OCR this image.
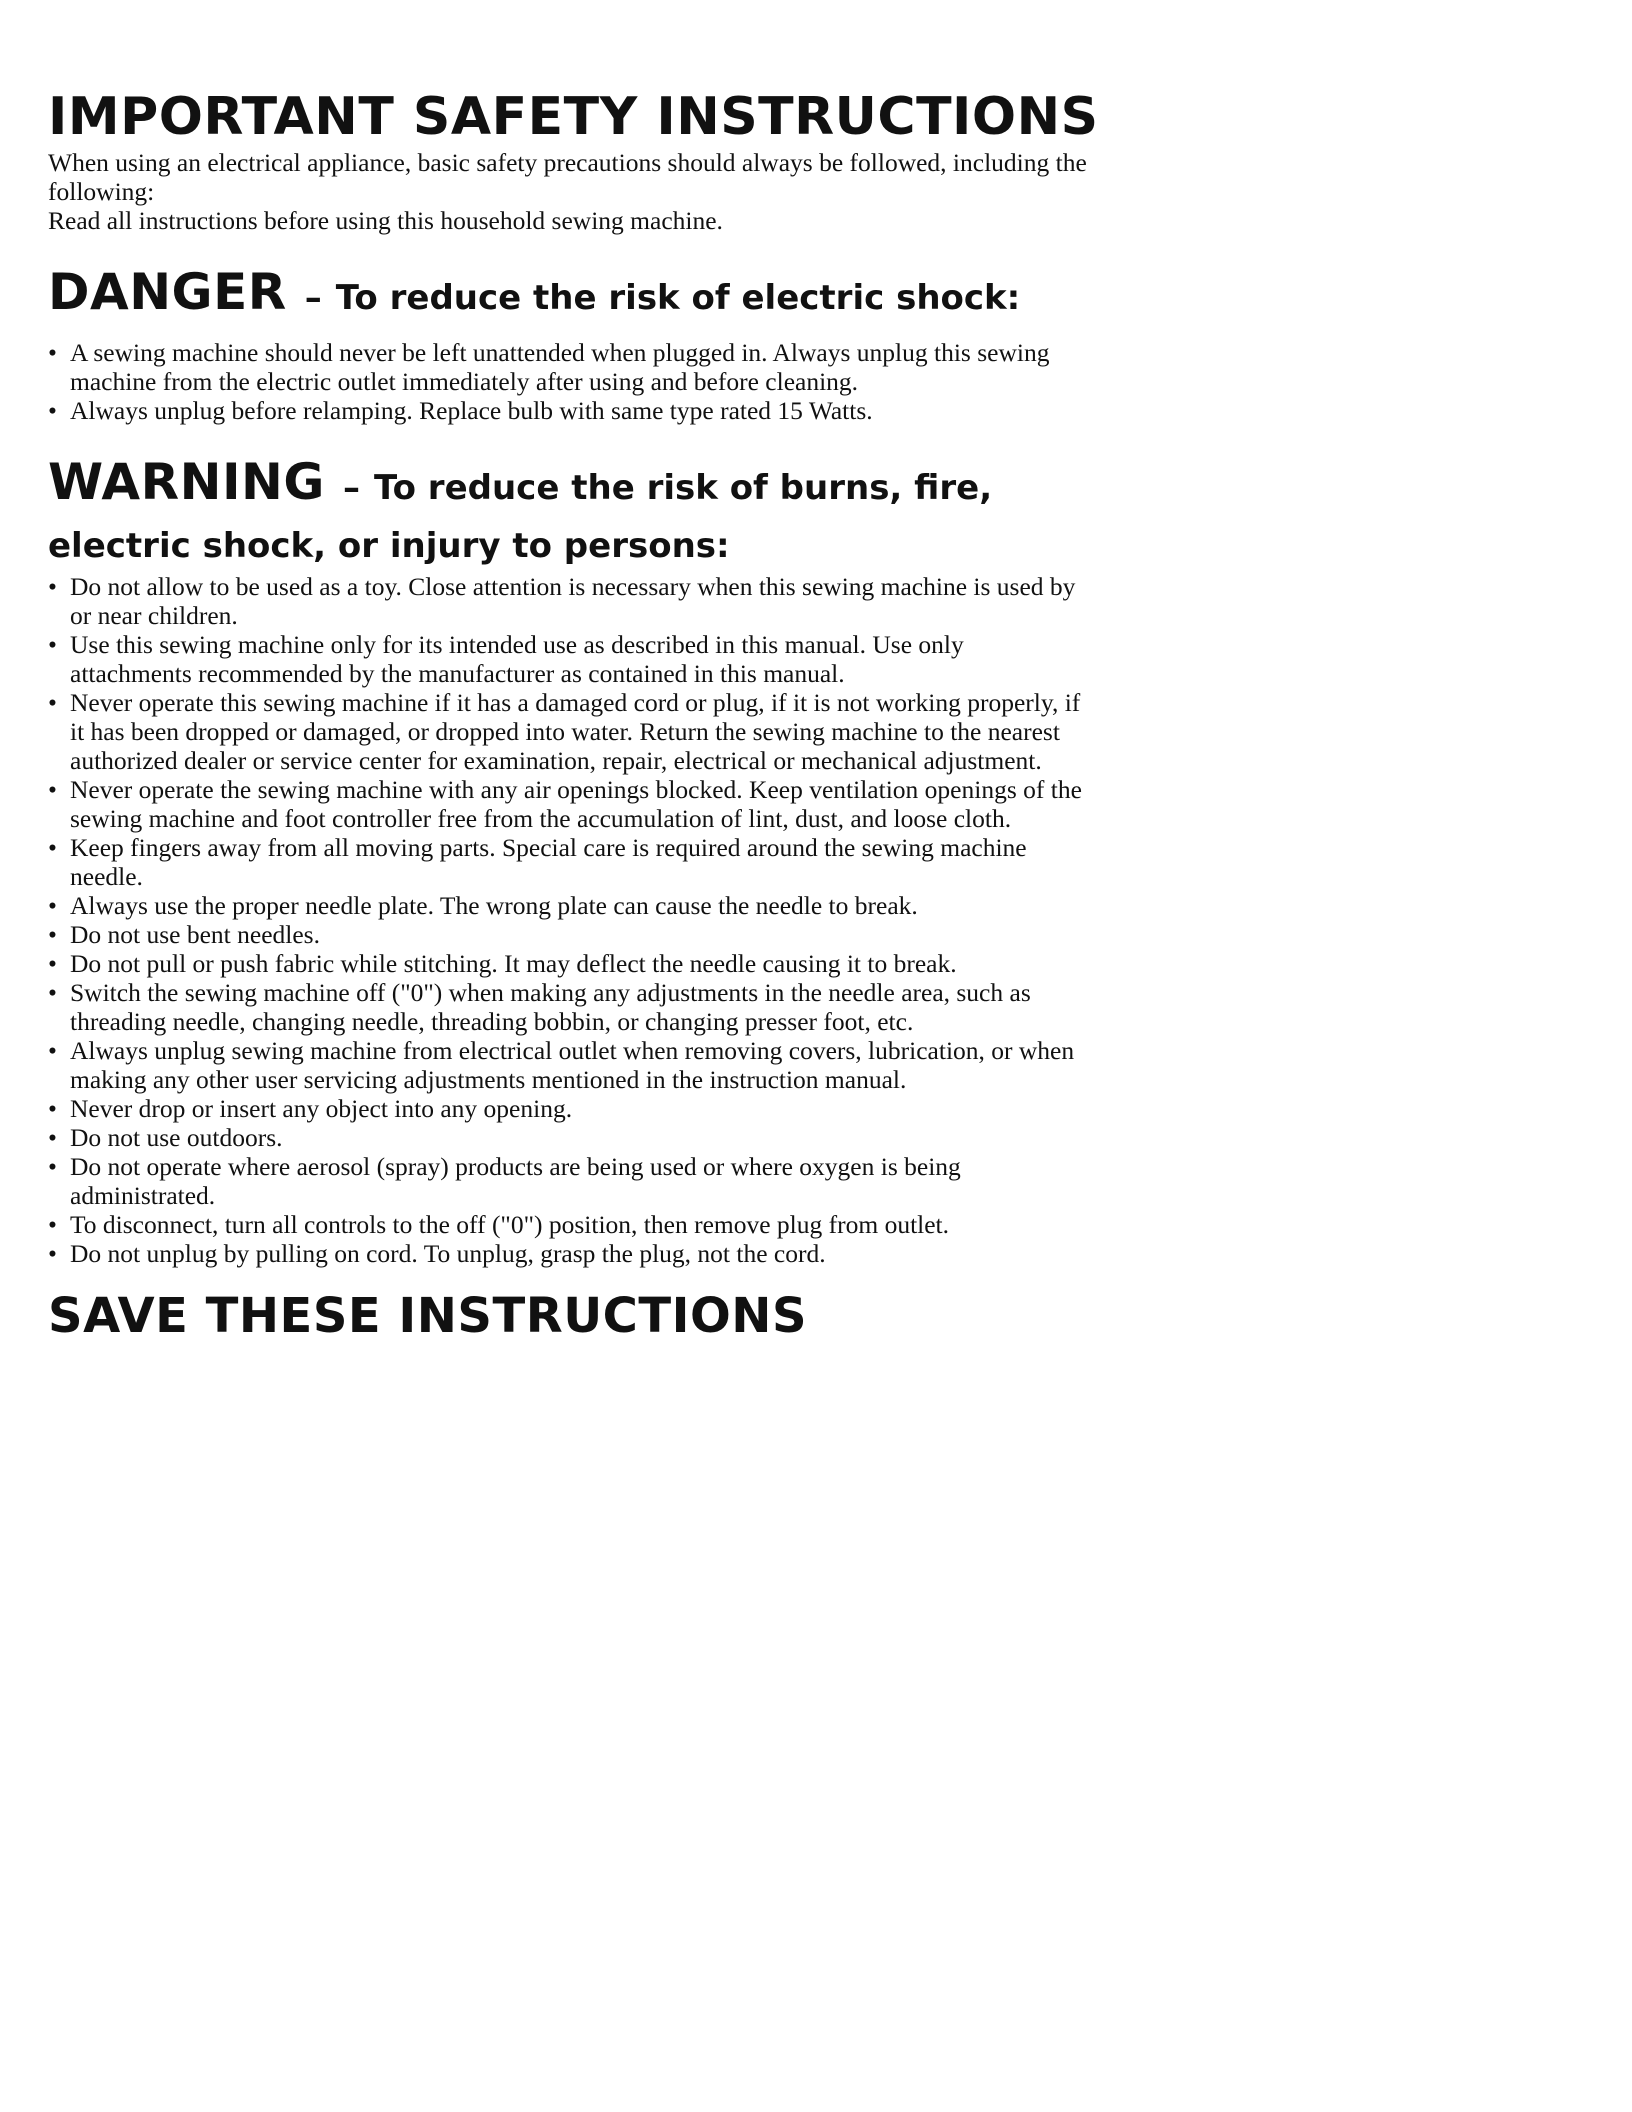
IMPORTANT SAFETY INSTRUCTIONS

When using an electrical appliance, basic safety precautions should always be followed, including the following:

Read all instructions before using this household sewing machine.

DANGER – To reduce the risk of electric shock:
• A sewing machine should never be left unattended when plugged in. Always unplug this sewing machine from the electric outlet immediately after using and before cleaning.
• Always unplug before relamping. Replace bulb with same type rated 15 Watts.
WARNING – To reduce the risk of burns, fire,

electric shock, or injury to persons:

• Do not allow to be used as a toy. Close attention is necessary when this sewing machine is used by or near children.
• Use this sewing machine only for its intended use as described in this manual. Use only attachments recommended by the manufacturer as contained in this manual.
• Never operate this sewing machine if it has a damaged cord or plug, if it is not working properly, if it has been dropped or damaged, or dropped into water. Return the sewing machine to the nearest authorized dealer or service center for examination, repair, electrical or mechanical adjustment.
• Never operate the sewing machine with any air openings blocked. Keep ventilation openings of the sewing machine and foot controller free from the accumulation of lint, dust, and loose cloth.
• Keep fingers away from all moving parts. Special care is required around the sewing machine needle.
• Always use the proper needle plate. The wrong plate can cause the needle to break.
• Do not use bent needles.
• Do not pull or push fabric while stitching. It may deflect the needle causing it to break.
• Switch the sewing machine off ("0") when making any adjustments in the needle area, such as threading needle, changing needle, threading bobbin, or changing presser foot, etc.
• Always unplug sewing machine from electrical outlet when removing covers, lubrication, or when making any other user servicing adjustments mentioned in the instruction manual.
• Never drop or insert any object into any opening.
• Do not use outdoors.
• Do not operate where aerosol (spray) products are being used or where oxygen is being administrated.
• To disconnect, turn all controls to the off ("0") position, then remove plug from outlet.
• Do not unplug by pulling on cord. To unplug, grasp the plug, not the cord.
SAVE THESE INSTRUCTIONS
